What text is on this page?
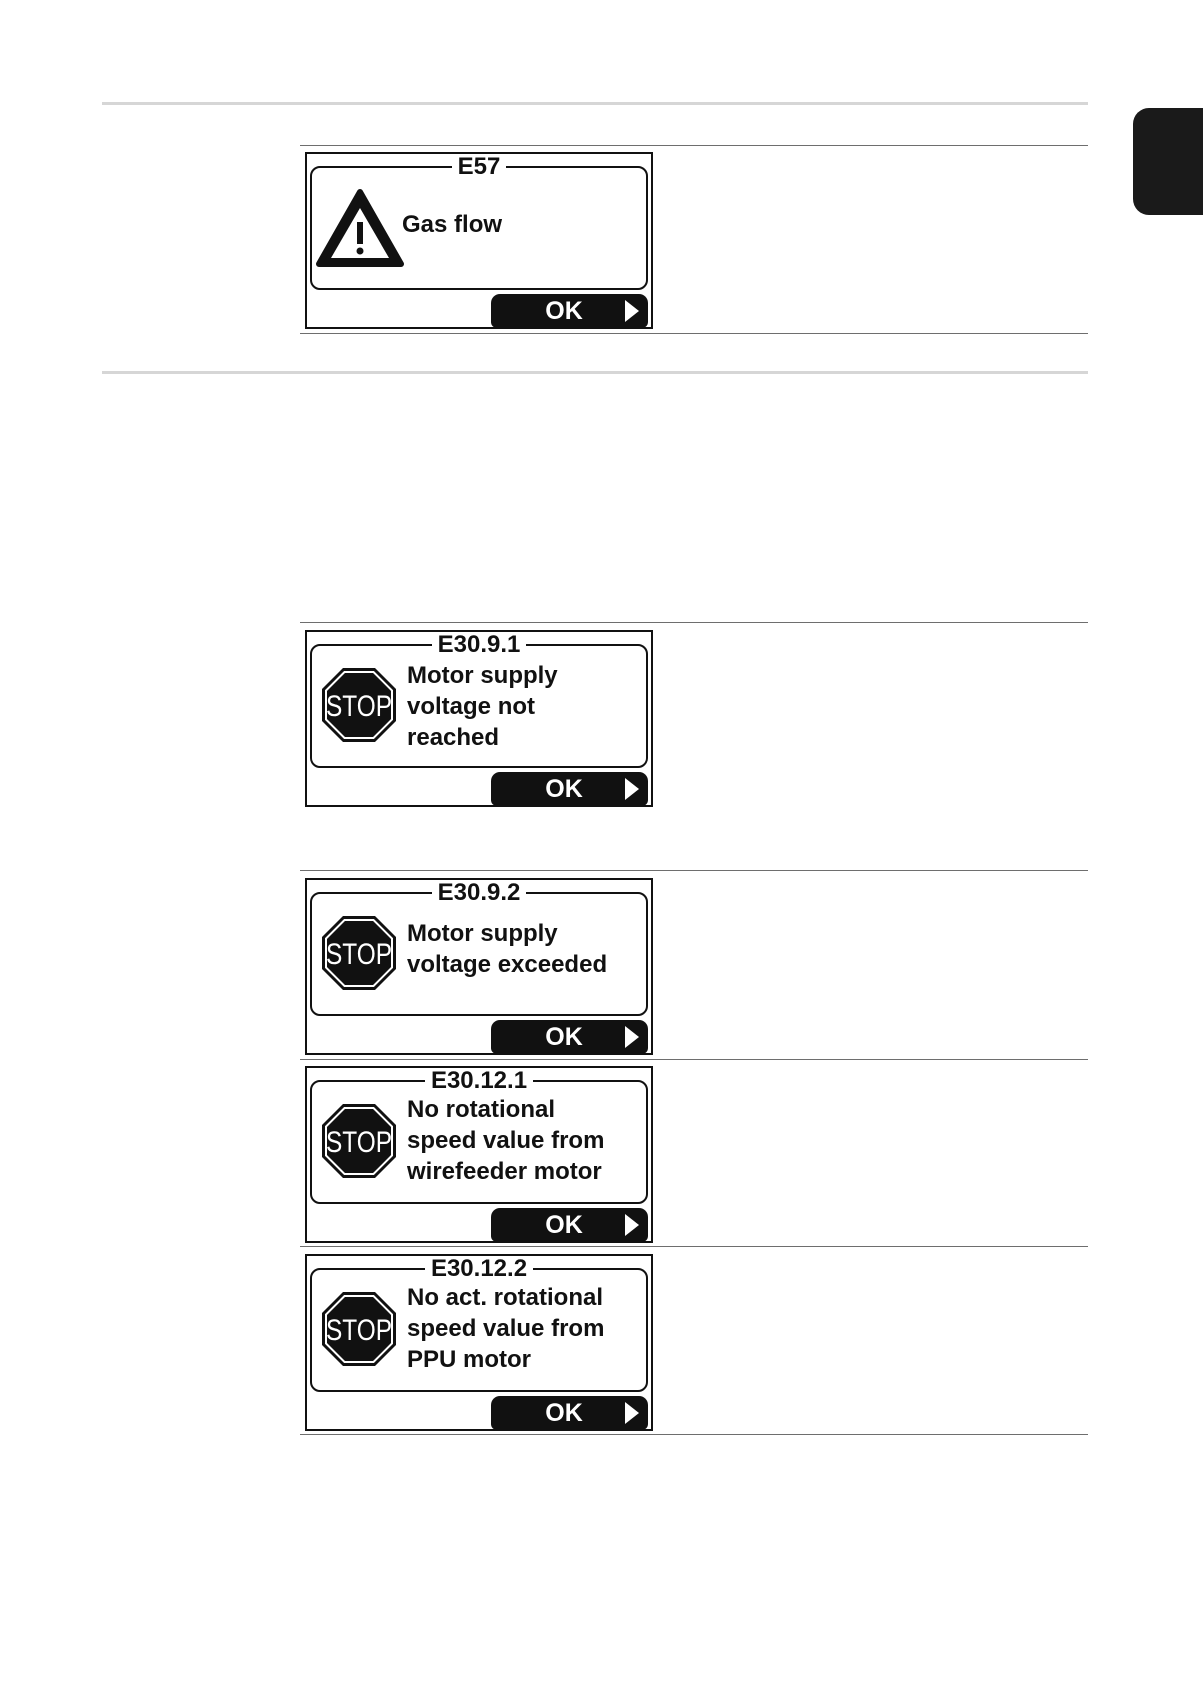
E57
Gas flow
OK
E30.9.1
STOP
Motor supply
voltage not
reached
OK
E30.9.2
STOP
Motor supply
voltage exceeded
OK
E30.12.1
STOP
No rotational
speed value from
wirefeeder motor
OK
E30.12.2
STOP
No act. rotational
speed value from
PPU motor
OK
